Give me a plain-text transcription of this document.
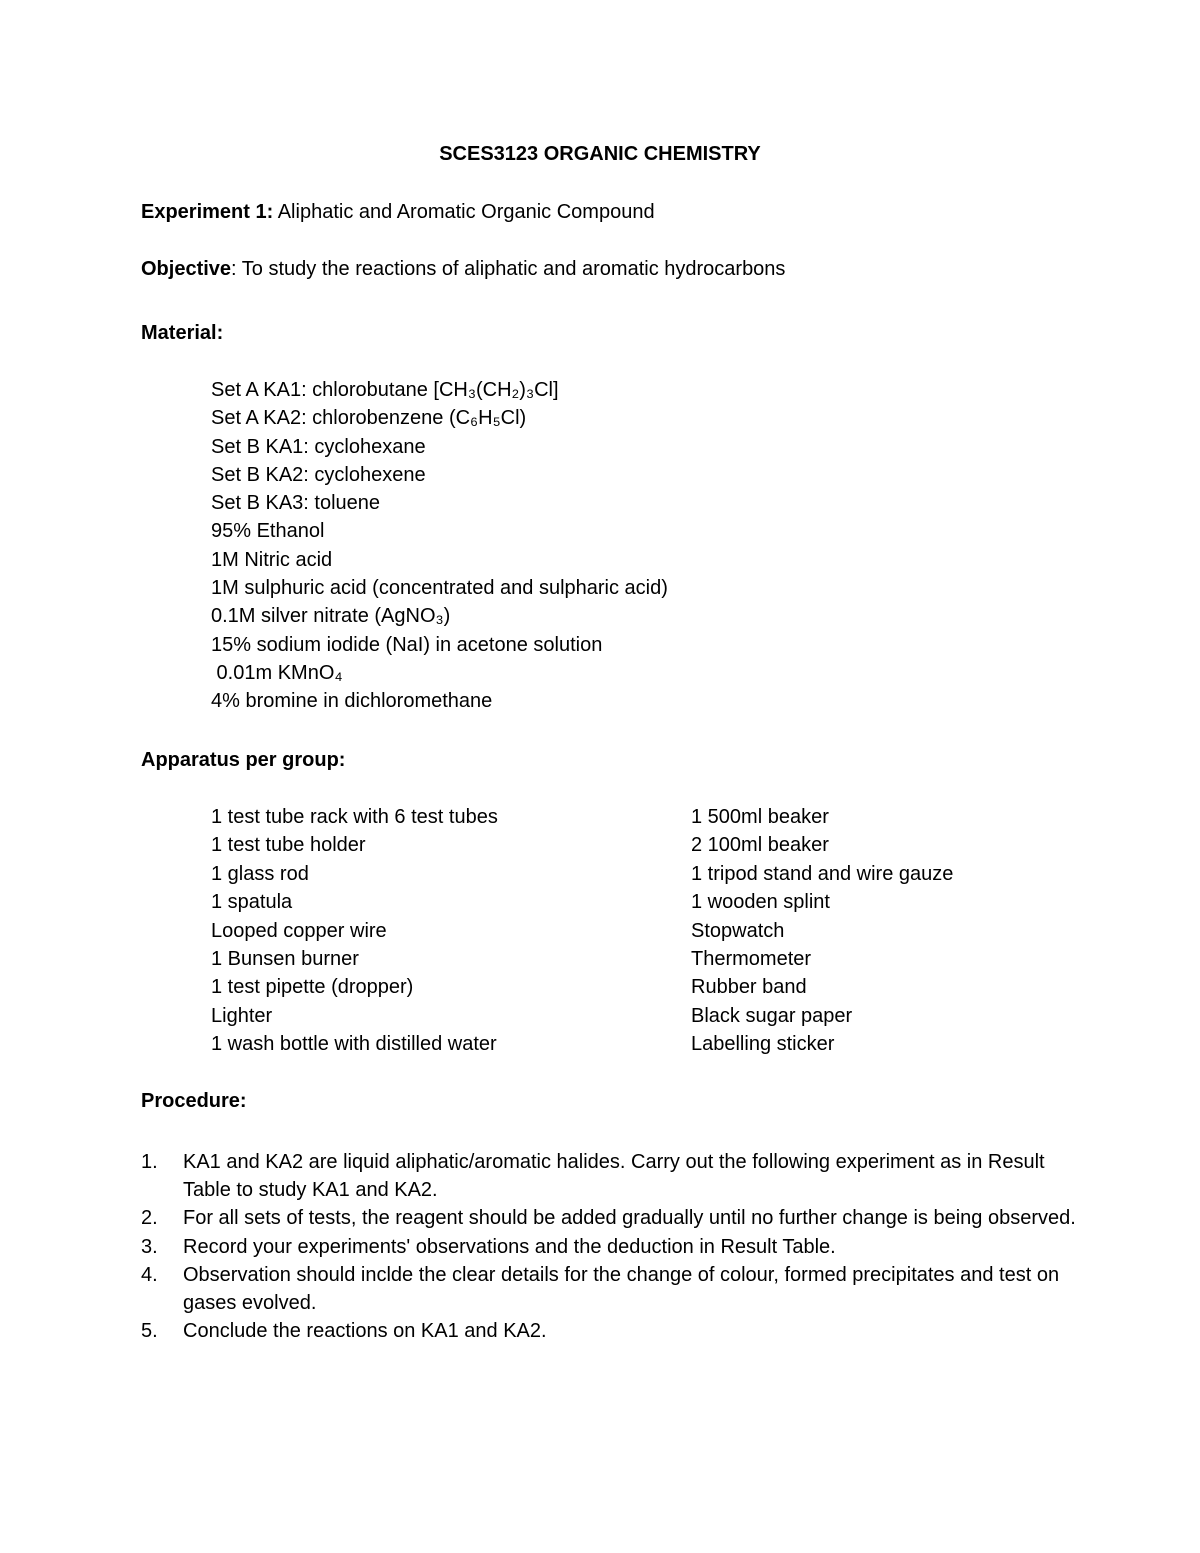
SCES3123 ORGANIC CHEMISTRY
Experiment 1: Aliphatic and Aromatic Organic Compound
Objective: To study the reactions of aliphatic and aromatic hydrocarbons
Material:
Set A KA1: chlorobutane [CH₃(CH₂)₃Cl]
Set A KA2: chlorobenzene (C₆H₅Cl)
Set B KA1: cyclohexane
Set B KA2: cyclohexene
Set B KA3: toluene
95% Ethanol
1M Nitric acid
1M sulphuric acid (concentrated and sulpharic acid)
0.1M silver nitrate (AgNO₃)
15% sodium iodide (NaI) in acetone solution
0.01m KMnO₄
4% bromine in dichloromethane
Apparatus per group:
1 test tube rack with 6 test tubes
1 test tube holder
1 glass rod
1 spatula
Looped copper wire
1 Bunsen burner
1 test pipette (dropper)
Lighter
1 wash bottle with distilled water
1 500ml beaker
2 100ml beaker
1 tripod stand and wire gauze
1 wooden splint
Stopwatch
Thermometer
Rubber band
Black sugar paper
Labelling sticker
Procedure:
1. KA1 and KA2 are liquid aliphatic/aromatic halides. Carry out the following experiment as in Result Table to study KA1 and KA2.
2. For all sets of tests, the reagent should be added gradually until no further change is being observed.
3. Record your experiments' observations and the deduction in Result Table.
4. Observation should inclde the clear details for the change of colour, formed precipitates and test on gases evolved.
5. Conclude the reactions on KA1 and KA2.
